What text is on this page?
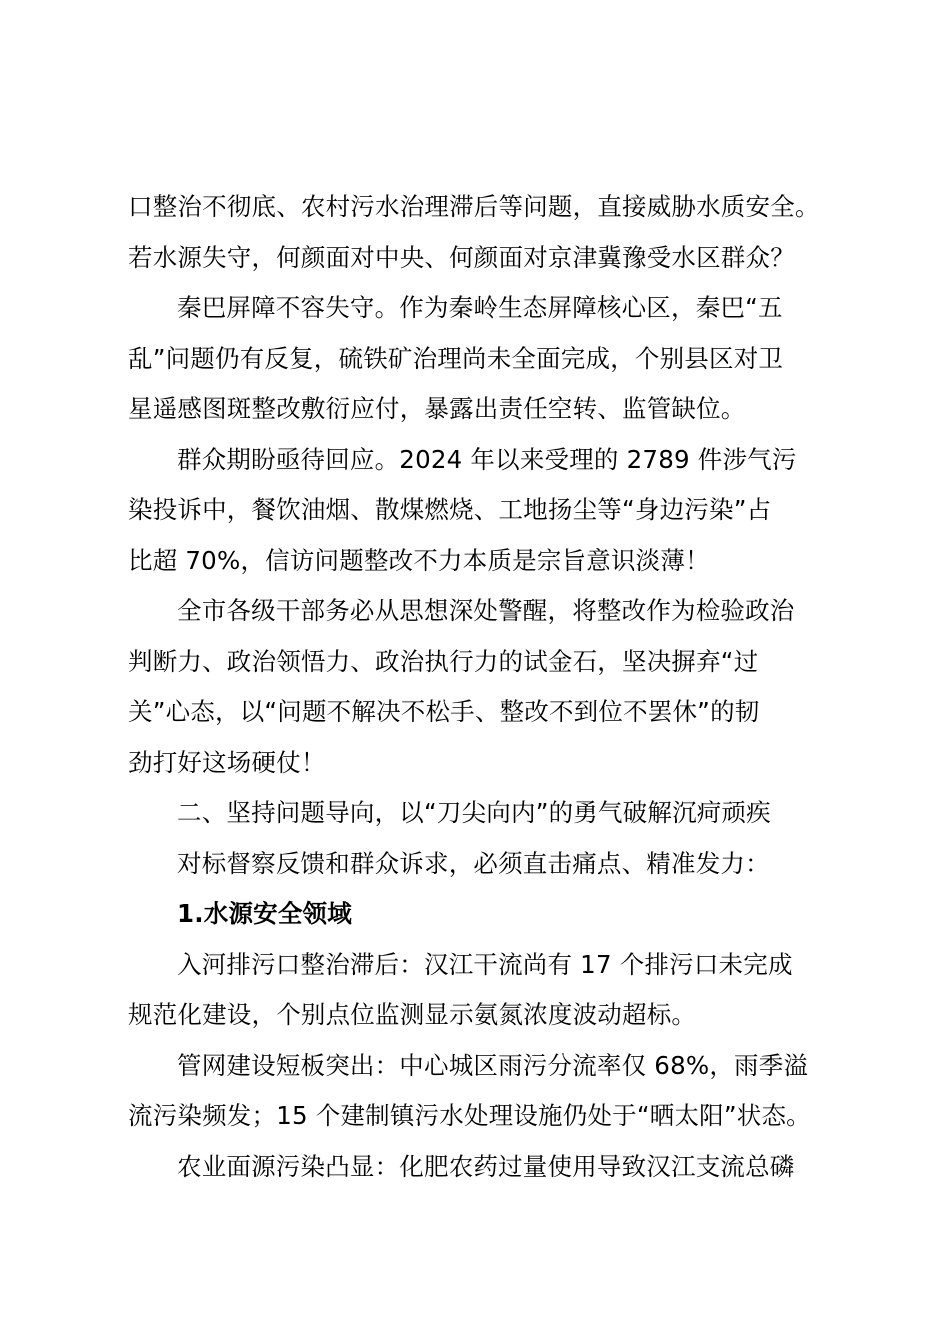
口整治不彻底、农村污水治理滞后等问题，直接威胁水质安全。
若水源失守，何颜面对中央、何颜面对京津冀豫受水区群众？
秦巴屏障不容失守。作为秦岭生态屏障核心区，秦巴“五
乱”问题仍有反复，硫铁矿治理尚未全面完成，个别县区对卫
星遥感图斑整改敷衍应付，暴露出责任空转、监管缺位。
群众期盼亟待回应。2024 年以来受理的 2789 件涉气污
染投诉中，餐饮油烟、散煤燃烧、工地扬尘等“身边污染”占
比超 70%，信访问题整改不力本质是宗旨意识淡薄！
全市各级干部务必从思想深处警醒，将整改作为检验政治
判断力、政治领悟力、政治执行力的试金石，坚决摒弃“过
关”心态，以“问题不解决不松手、整改不到位不罢休”的韧
劲打好这场硬仗！
二、坚持问题导向，以“刀尖向内”的勇气破解沉疴顽疾
对标督察反馈和群众诉求，必须直击痛点、精准发力：
1.水源安全领域
入河排污口整治滞后：汉江干流尚有 17 个排污口未完成
规范化建设，个别点位监测显示氨氮浓度波动超标。
管网建设短板突出：中心城区雨污分流率仅 68%，雨季溢
流污染频发；15 个建制镇污水处理设施仍处于“晒太阳”状态。
农业面源污染凸显：化肥农药过量使用导致汉江支流总磷
